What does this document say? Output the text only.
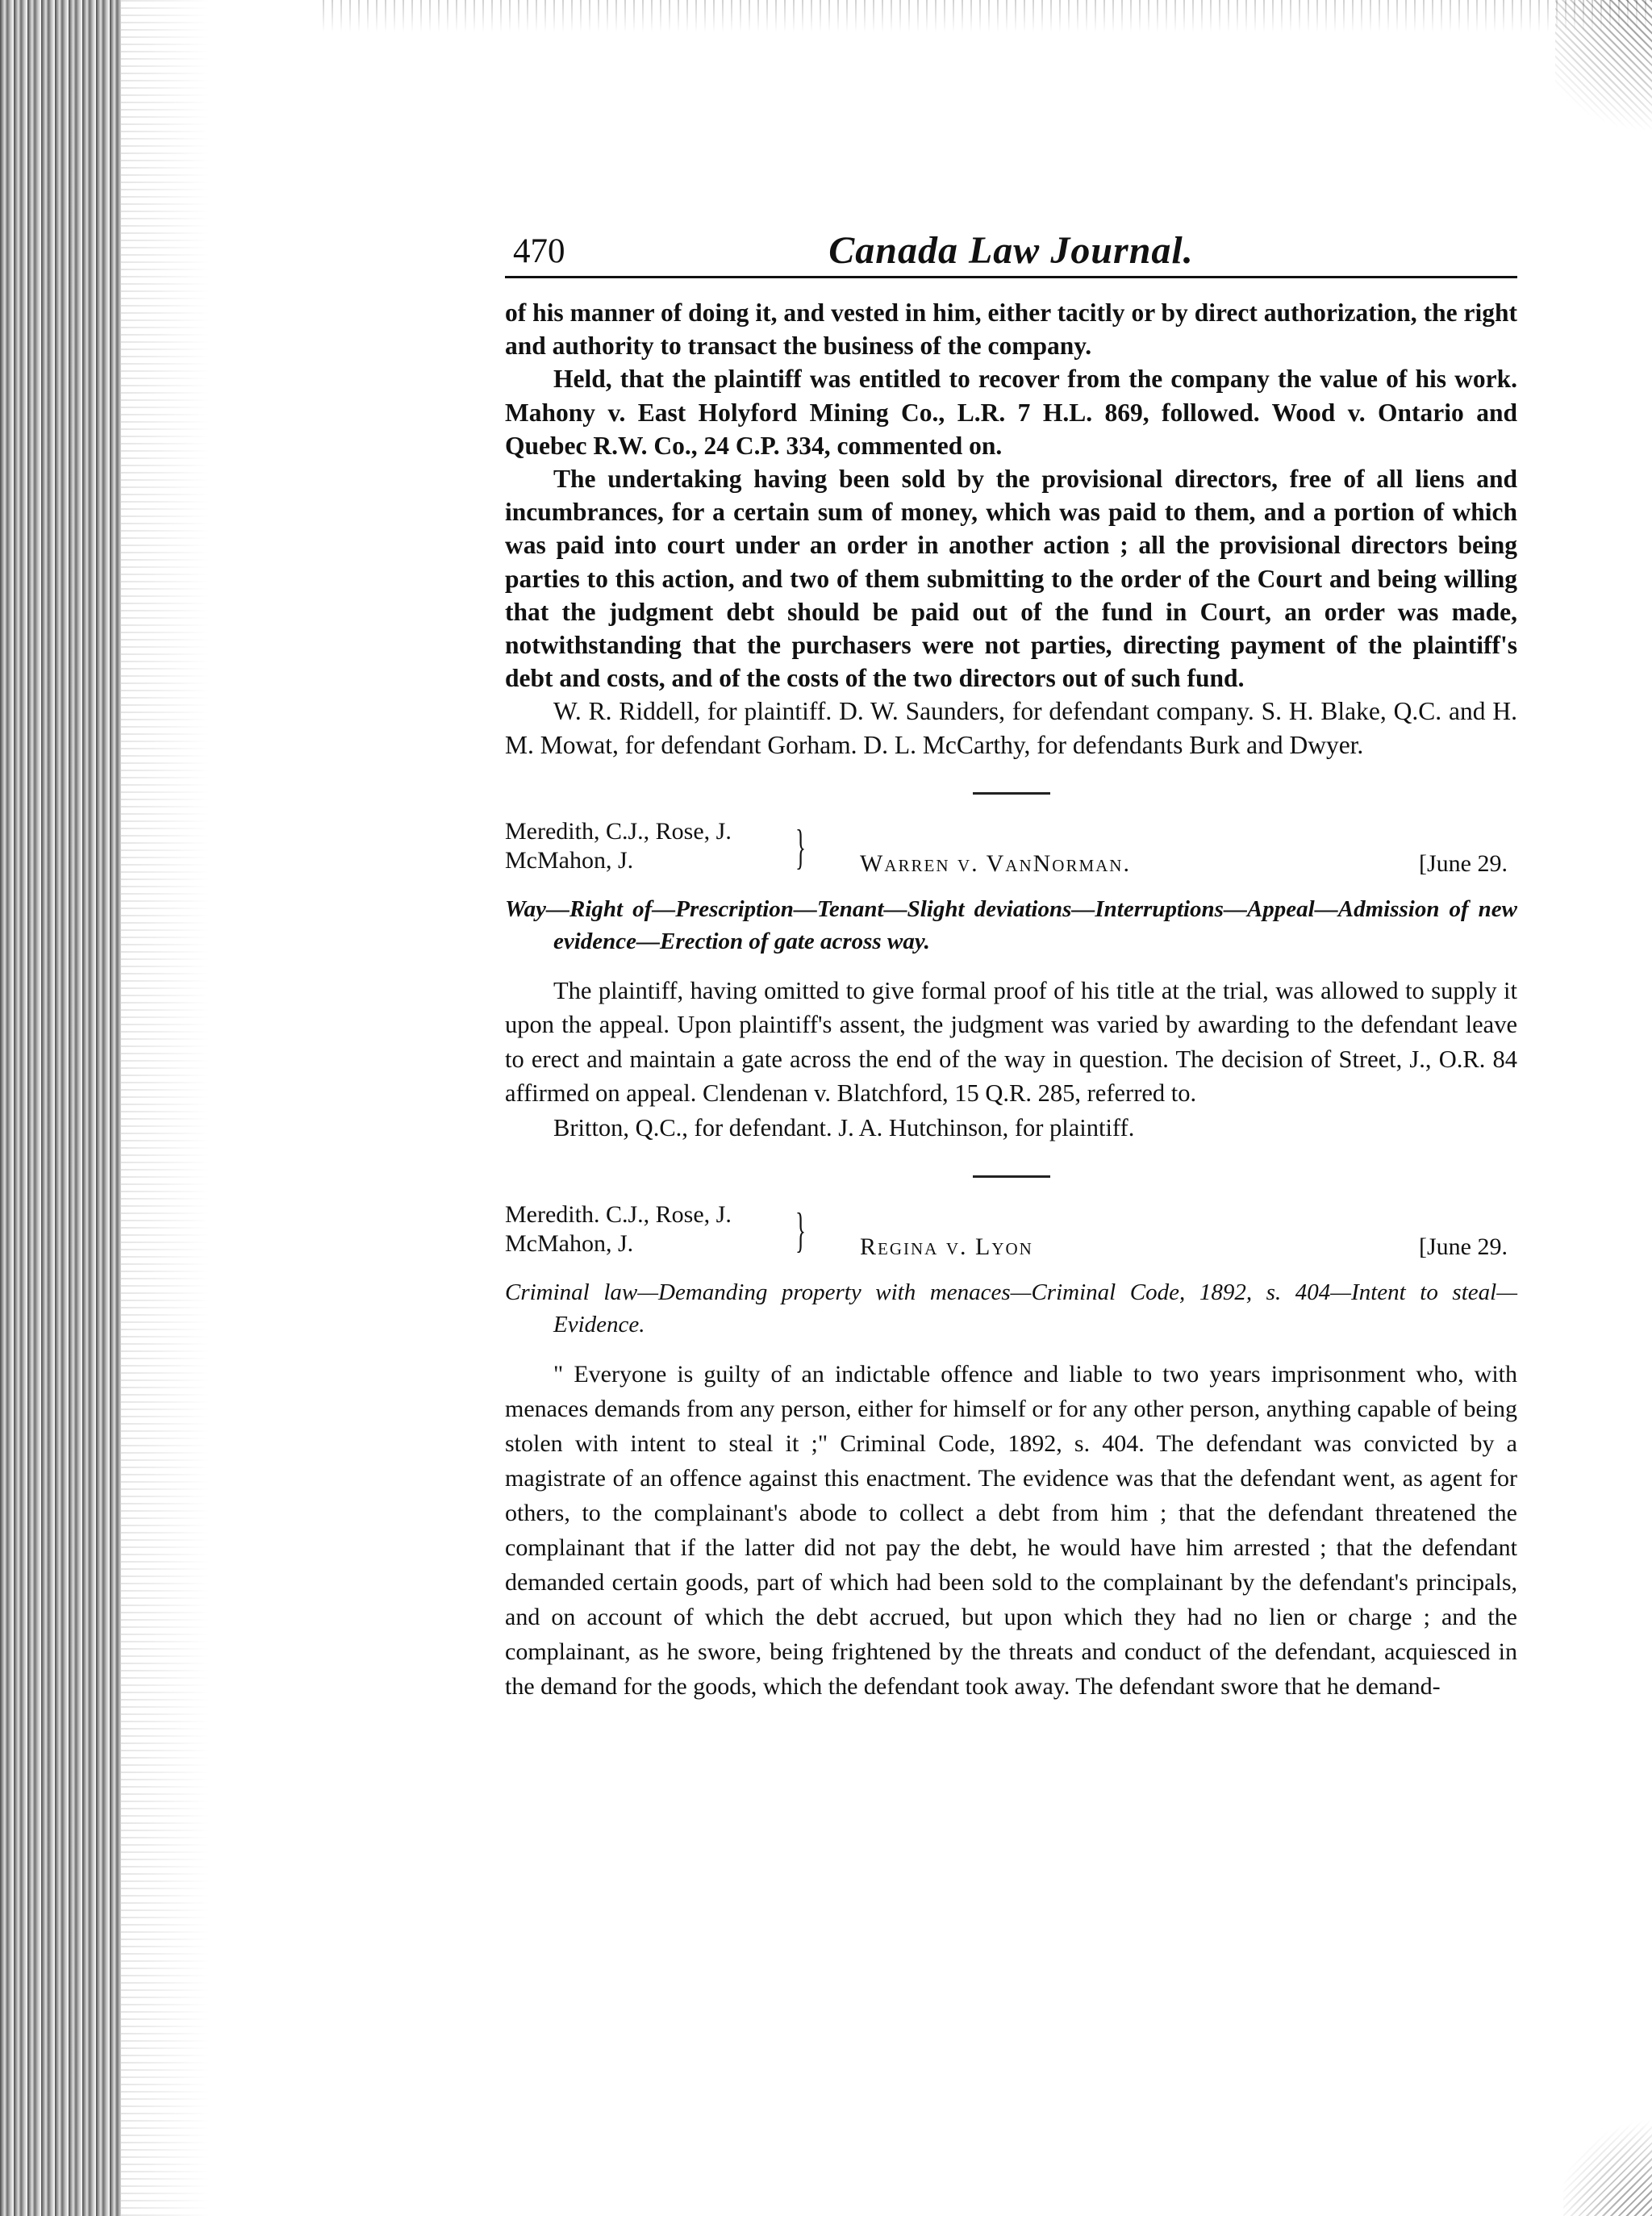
470	Canada Law Journal.

of his manner of doing it, and vested in him, either tacitly or by direct authorization, the right and authority to transact the business of the company.

Held, that the plaintiff was entitled to recover from the company the value of his work. Mahony v. East Holyford Mining Co., L.R. 7 H.L. 869, followed. Wood v. Ontario and Quebec R.W. Co., 24 C.P. 334, commented on.

The undertaking having been sold by the provisional directors, free of all liens and incumbrances, for a certain sum of money, which was paid to them, and a portion of which was paid into court under an order in another action ; all the provisional directors being parties to this action, and two of them submitting to the order of the Court and being willing that the judgment debt should be paid out of the fund in Court, an order was made, notwithstanding that the purchasers were not parties, directing payment of the plaintiff's debt and costs, and of the costs of the two directors out of such fund.

W. R. Riddell, for plaintiff. D. W. Saunders, for defendant company. S. H. Blake, Q.C. and H. M. Mowat, for defendant Gorham. D. L. McCarthy, for defendants Burk and Dwyer.

Meredith, C.J., Rose, J.
McMahon, J.	} Warren v. VanNorman.	[June 29.

Way—Right of—Prescription—Tenant—Slight deviations—Interruptions—Appeal—Admission of new evidence—Erection of gate across way.

The plaintiff, having omitted to give formal proof of his title at the trial, was allowed to supply it upon the appeal. Upon plaintiff's assent, the judgment was varied by awarding to the defendant leave to erect and maintain a gate across the end of the way in question. The decision of Street, J., O.R. 84 affirmed on appeal. Clendenan v. Blatchford, 15 Q.R. 285, referred to.

Britton, Q.C., for defendant. J. A. Hutchinson, for plaintiff.

Meredith. C.J., Rose, J.
McMahon, J.	} Regina v. Lyon	[June 29.

Criminal law—Demanding property with menaces—Criminal Code, 1892, s. 404—Intent to steal—Evidence.

" Everyone is guilty of an indictable offence and liable to two years imprisonment who, with menaces demands from any person, either for himself or for any other person, anything capable of being stolen with intent to steal it ;" Criminal Code, 1892, s. 404. The defendant was convicted by a magistrate of an offence against this enactment. The evidence was that the defendant went, as agent for others, to the complainant's abode to collect a debt from him ; that the defendant threatened the complainant that if the latter did not pay the debt, he would have him arrested ; that the defendant demanded certain goods, part of which had been sold to the complainant by the defendant's principals, and on account of which the debt accrued, but upon which they had no lien or charge ; and the complainant, as he swore, being frightened by the threats and conduct of the defendant, acquiesced in the demand for the goods, which the defendant took away. The defendant swore that he demand-
